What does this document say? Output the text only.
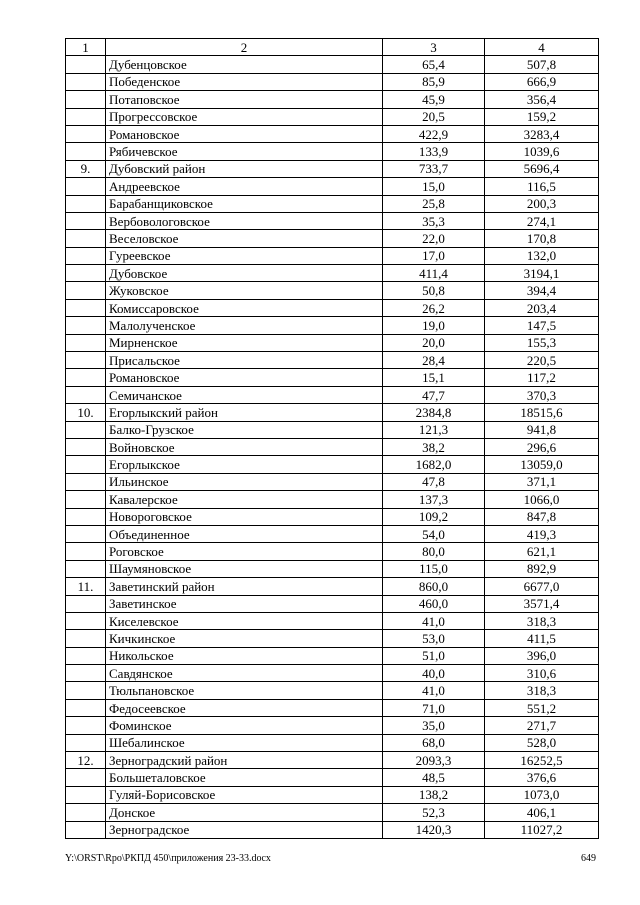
1	2	3	4
	Дубенцовское	65,4	507,8
	Победенское	85,9	666,9
	Потаповское	45,9	356,4
	Прогрессовское	20,5	159,2
	Романовское	422,9	3283,4
	Рябичевское	133,9	1039,6
9.	Дубовский район	733,7	5696,4
	Андреевское	15,0	116,5
	Барабанщиковское	25,8	200,3
	Вербовологовское	35,3	274,1
	Веселовское	22,0	170,8
	Гуреевское	17,0	132,0
	Дубовское	411,4	3194,1
	Жуковское	50,8	394,4
	Комиссаровское	26,2	203,4
	Малолученское	19,0	147,5
	Мирненское	20,0	155,3
	Присальское	28,4	220,5
	Романовское	15,1	117,2
	Семичанское	47,7	370,3
10.	Егорлыкский район	2384,8	18515,6
	Балко-Грузское	121,3	941,8
	Войновское	38,2	296,6
	Егорлыкское	1682,0	13059,0
	Ильинское	47,8	371,1
	Кавалерское	137,3	1066,0
	Новороговское	109,2	847,8
	Объединенное	54,0	419,3
	Роговское	80,0	621,1
	Шаумяновское	115,0	892,9
11.	Заветинский район	860,0	6677,0
	Заветинское	460,0	3571,4
	Киселевское	41,0	318,3
	Кичкинское	53,0	411,5
	Никольское	51,0	396,0
	Савдянское	40,0	310,6
	Тюльпановское	41,0	318,3
	Федосеевское	71,0	551,2
	Фоминское	35,0	271,7
	Шебалинское	68,0	528,0
12.	Зерноградский район	2093,3	16252,5
	Большеталовское	48,5	376,6
	Гуляй-Борисовское	138,2	1073,0
	Донское	52,3	406,1
	Зерноградское	1420,3	11027,2
Y:\ORST\Rpo\РКПД 450\приложения 23-33.docx	649
